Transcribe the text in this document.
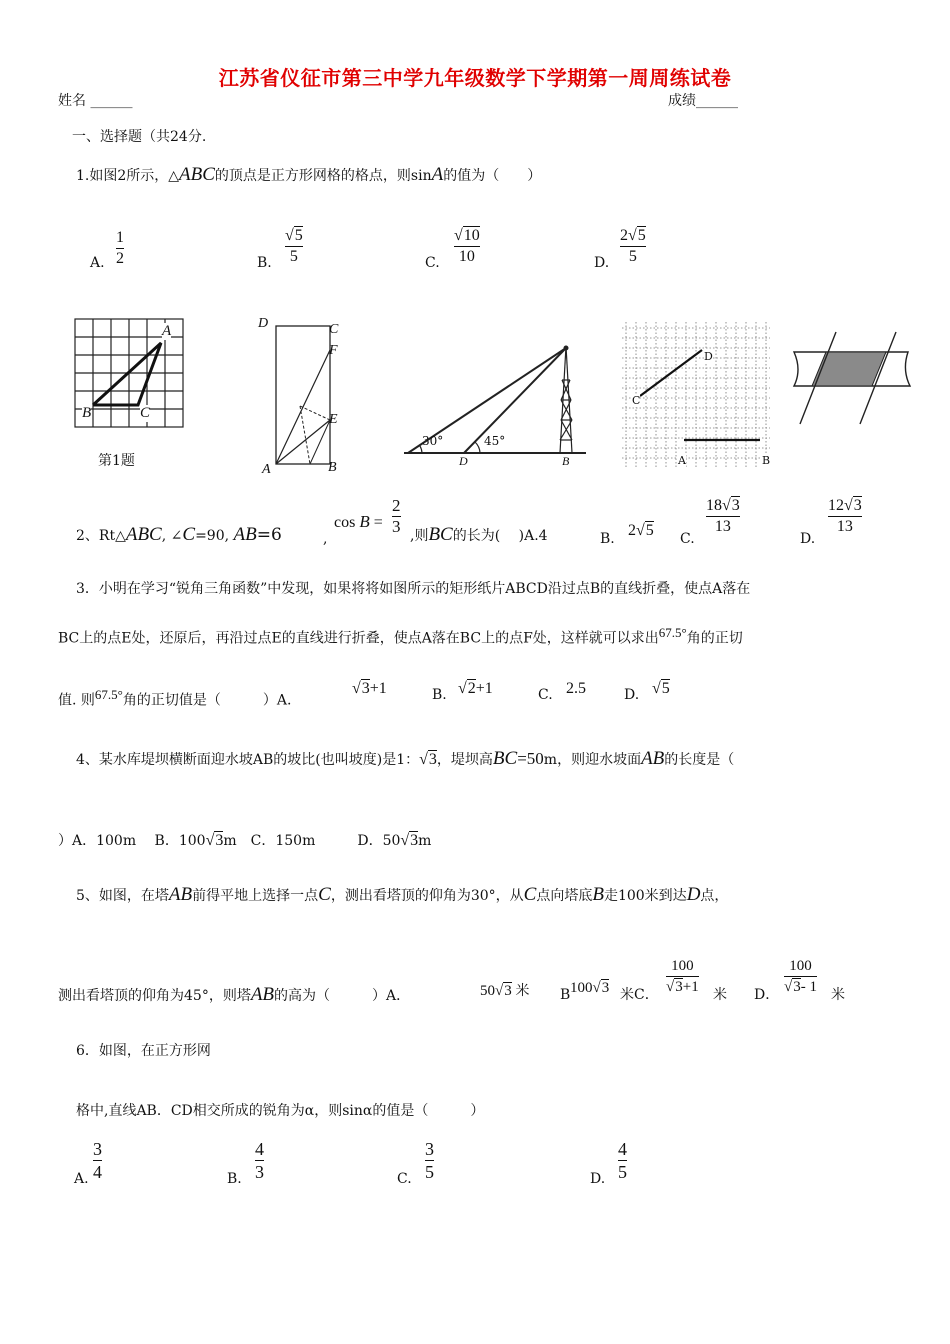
江苏省仪征市第三中学九年级数学下学期第一周周练试卷
姓名 ______	成绩______
一、选择题（共24分.
1.如图2所示，△ABC的顶点是正方形网格的格点，则sinA的值为（　　）
A.
1
2	B.
√5
5	C.
√10
10	D.
2√5
5
A
B	C
第1题
D	C
F
E
A	B
30°	45°
D	B
D
C
A	B
2、Rt△ABC, ∠C=90, AB=6	,
cos B =
2
3 ,则BC的长为(　 )A.4	B. 2√5 C.
18√3
13
D.
12√3
13
3．小明在学习“锐角三角函数”中发现，如果将将如图所示的矩形纸片ABCD沿过点B的直线折叠，使点A落在
BC上的点E处，还原后，再沿过点E的直线进行折叠，使点A落在BC上的点F处，这样就可以求出$^{67.5^\circ}$角的正切
值. 则$^{67.5^\circ}$角的正切值是（　　　）A.
√3+1	B. √2+1	C. 2.5	D. √5
4、某水库堤坝横断面迎水坡AB的坡比(也叫坡度)是1：√3，堤坝高BC=50m，则迎水坡面AB的长度是（
）A．100m　 B．100√3m　C．150m　　　D．50√3m
5、如图，在塔AB前得平地上选择一点C，测出看塔顶的仰角为30°，从C点向塔底B走100米到达D点，
测出看塔顶的仰角为45°，则塔AB的高为（　　　）A．	50√3 米 B 100√3 米C．
100
√3+1 米 D．
100
√3- 1 米
6．如图，在正方形网
格中,直线AB．CD相交所成的锐角为α，则sinα的值是（　　　）
A.
3
4	B.
4
3	C.
3
5	D.
4
5
